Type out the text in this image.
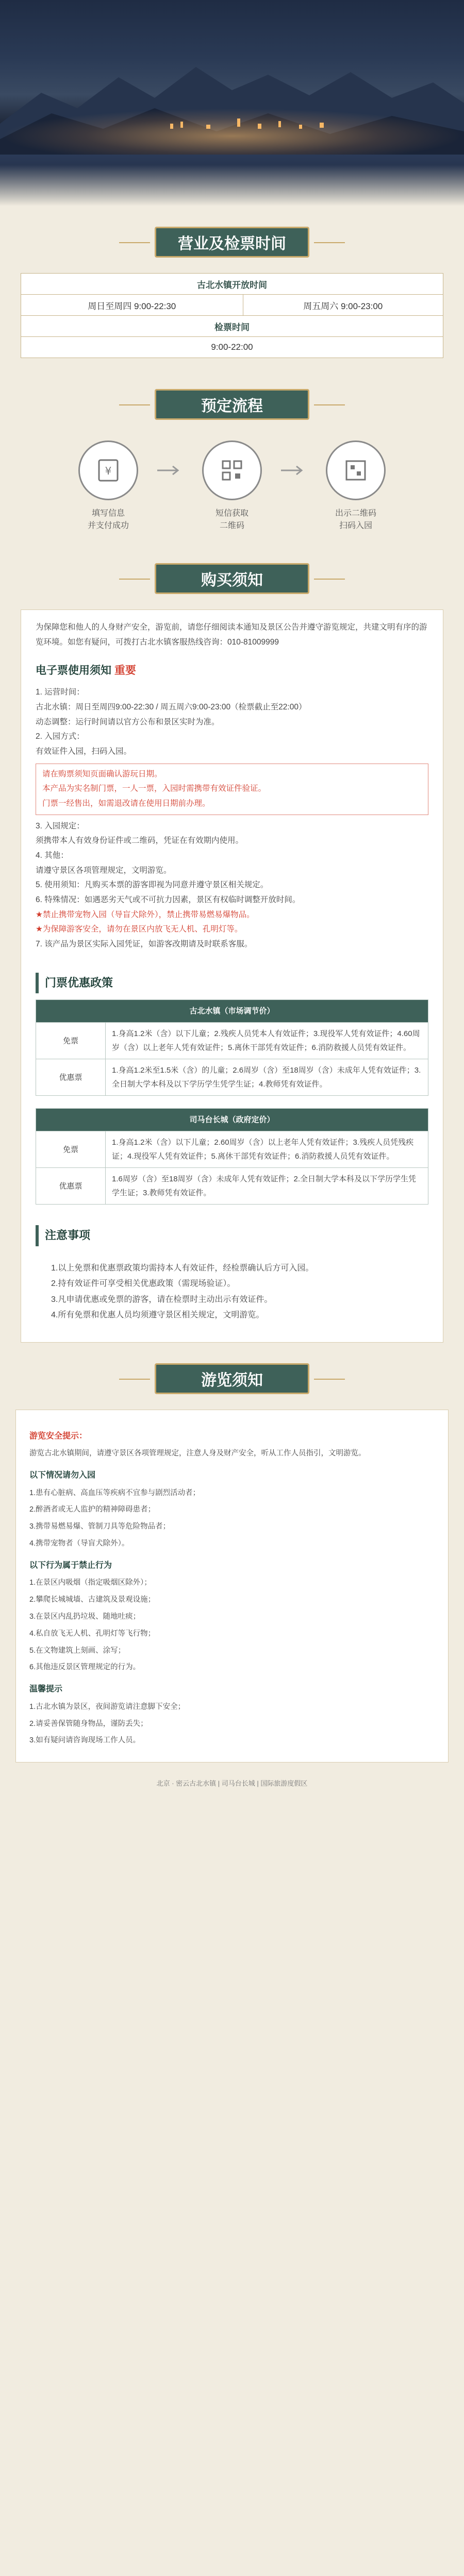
营业及检票时间
古北水镇开放时间
周日至周四 9:00-22:30	周五周六 9:00-23:00
检票时间
9:00-22:00
预定流程
¥
填写信息
并支付成功
短信获取
二维码
出示二维码
扫码入园
购买须知

为保障您和他人的人身财产安全，游览前，请您仔细阅读本通知及景区公告并遵守游览规定，共建文明有序的游览环境。如您有疑问，可拨打古北水镇客服热线咨询：010-81009999

电子票使用须知 重要

1. 运营时间：

古北水镇：周日至周四9:00-22:30 / 周五周六9:00-23:00（检票截止至22:00）

动态调整：运行时间请以官方公布和景区实时为准。

2. 入园方式：

有效证件入园，扫码入园。

请在购票须知页面确认游玩日期。

本产品为实名制门票，一人一票，入园时需携带有效证件验证。

门票一经售出，如需退改请在使用日期前办理。

3. 入园规定：

须携带本人有效身份证件或二维码，凭证在有效期内使用。

4. 其他：

请遵守景区各项管理规定，文明游览。

5. 使用须知：凡购买本票的游客即视为同意并遵守景区相关规定。

6. 特殊情况：如遇恶劣天气或不可抗力因素，景区有权临时调整开放时间。

★禁止携带宠物入园（导盲犬除外），禁止携带易燃易爆物品。

★为保障游客安全，请勿在景区内放飞无人机、孔明灯等。

7. 该产品为景区实际入园凭证，如游客改期请及时联系客服。

门票优惠政策
古北水镇（市场调节价）	
免票	1.身高1.2米（含）以下儿童；2.残疾人员凭本人有效证件；3.现役军人凭有效证件；4.60周岁（含）以上老年人凭有效证件；5.离休干部凭有效证件；6.消防救援人员凭有效证件。
优惠票	1.身高1.2米至1.5米（含）的儿童；2.6周岁（含）至18周岁（含）未成年人凭有效证件；3.全日制大学本科及以下学历学生凭学生证；4.教师凭有效证件。
司马台长城（政府定价）	
免票	1.身高1.2米（含）以下儿童；2.60周岁（含）以上老年人凭有效证件；3.残疾人员凭残疾证；4.现役军人凭有效证件；5.离休干部凭有效证件；6.消防救援人员凭有效证件。
优惠票	1.6周岁（含）至18周岁（含）未成年人凭有效证件；2.全日制大学本科及以下学历学生凭学生证；3.教师凭有效证件。
注意事项

1.以上免票和优惠票政策均需持本人有效证件，经检票确认后方可入园。

2.持有效证件可享受相关优惠政策（需现场验证）。

3.凡申请优惠或免票的游客，请在检票时主动出示有效证件。

4.所有免票和优惠人员均须遵守景区相关规定，文明游览。

游览须知
游览安全提示：

游览古北水镇期间，请遵守景区各项管理规定，注意人身及财产安全，听从工作人员指引，文明游览。

以下情况请勿入园

1.患有心脏病、高血压等疾病不宜参与剧烈活动者；

2.醉酒者或无人监护的精神障碍患者；

3.携带易燃易爆、管制刀具等危险物品者；

4.携带宠物者（导盲犬除外）。

以下行为属于禁止行为

1.在景区内吸烟（指定吸烟区除外）；

2.攀爬长城城墙、古建筑及景观设施；

3.在景区内乱扔垃圾、随地吐痰；

4.私自放飞无人机、孔明灯等飞行物；

5.在文物建筑上刻画、涂写；

6.其他违反景区管理规定的行为。

温馨提示

1.古北水镇为景区，夜间游览请注意脚下安全；

2.请妥善保管随身物品，谨防丢失；

3.如有疑问请咨询现场工作人员。

北京 · 密云古北水镇 | 司马台长城 | 国际旅游度假区
